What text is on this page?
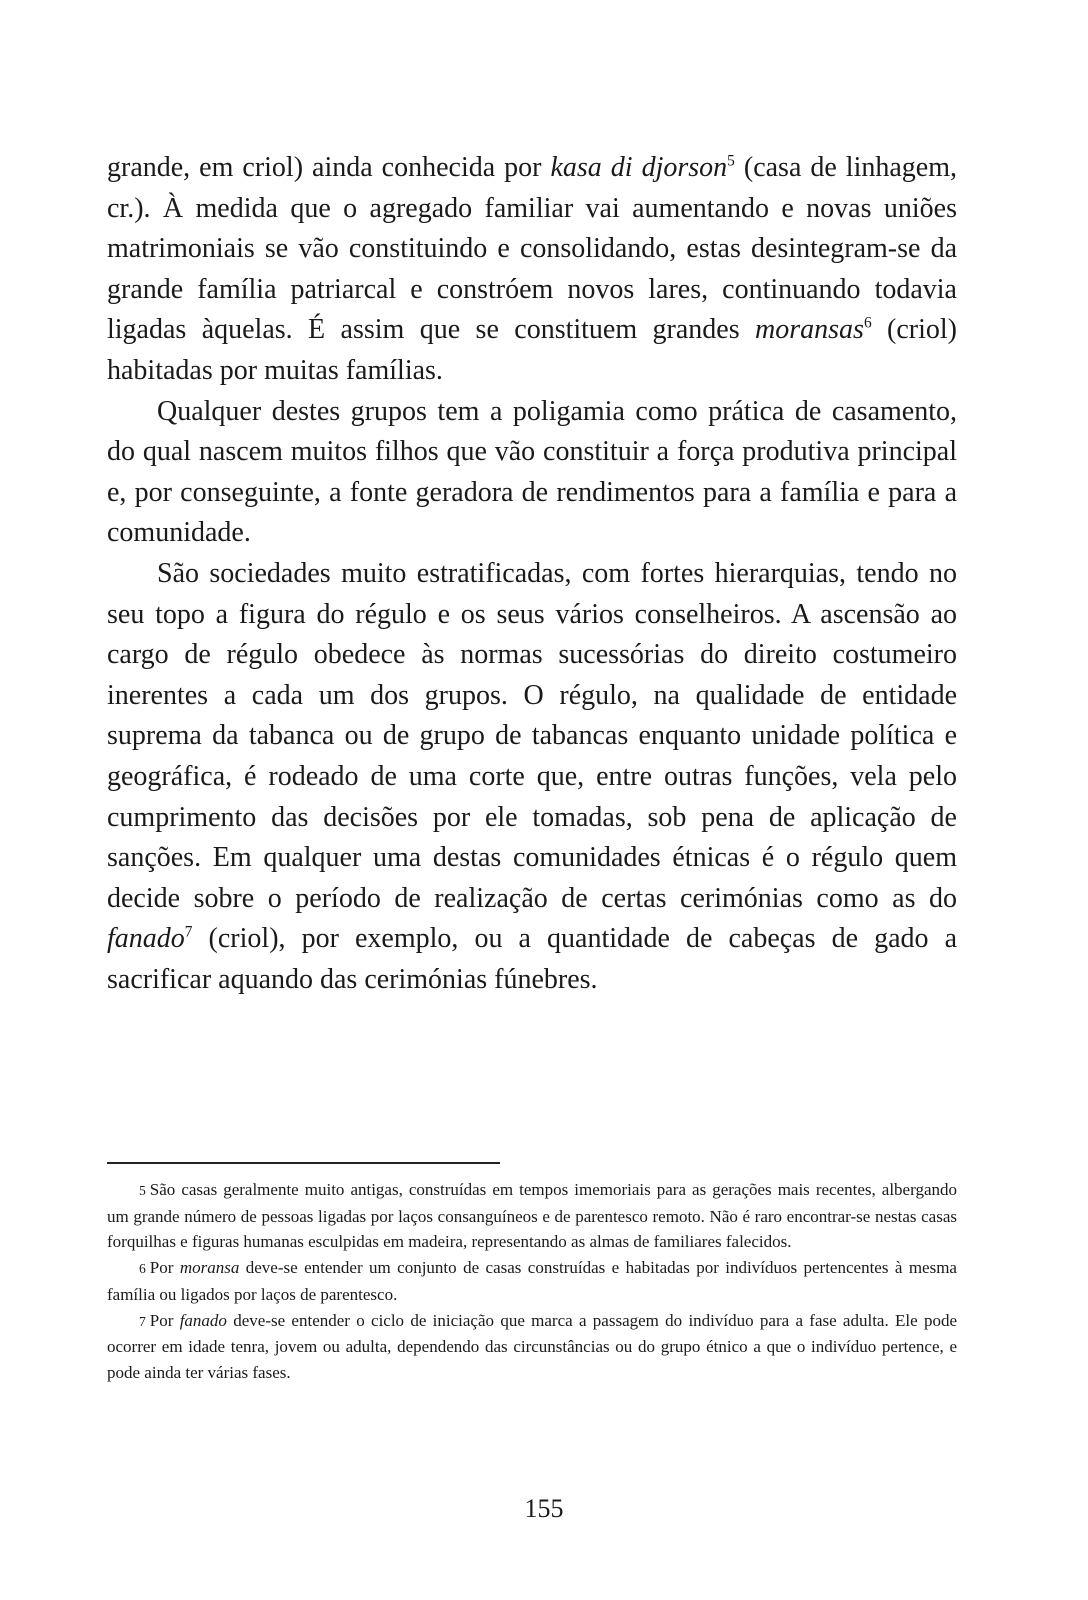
grande, em criol) ainda conhecida por kasa di djorson$^5$ (casa de linhagem, cr.). À medida que o agregado familiar vai aumentando e novas uniões matrimoniais se vão constituindo e consolidando, estas desintegram-se da grande família patriarcal e constróem novos lares, continuando todavia ligadas àquelas. É assim que se constituem grandes moransas$^6$ (criol) habitadas por muitas famílias.

Qualquer destes grupos tem a poligamia como prática de casamento, do qual nascem muitos filhos que vão constituir a força produtiva principal e, por conseguinte, a fonte geradora de rendimentos para a família e para a comunidade.

São sociedades muito estratificadas, com fortes hierarquias, tendo no seu topo a figura do régulo e os seus vários conselheiros. A ascensão ao cargo de régulo obedece às normas sucessórias do direito costumeiro inerentes a cada um dos grupos. O régulo, na qualidade de entidade suprema da tabanca ou de grupo de tabancas enquanto unidade política e geográfica, é rodeado de uma corte que, entre outras funções, vela pelo cumprimento das decisões por ele tomadas, sob pena de aplicação de sanções. Em qualquer uma destas comunidades étnicas é o régulo quem decide sobre o período de realização de certas cerimónias como as do fanado$^7$ (criol), por exemplo, ou a quantidade de cabeças de gado a sacrificar aquando das cerimónias fúnebres.

5 São casas geralmente muito antigas, construídas em tempos imemoriais para as gerações mais recentes, albergando um grande número de pessoas ligadas por laços consanguíneos e de parentesco remoto. Não é raro encontrar-se nestas casas forquilhas e figuras humanas esculpidas em madeira, representando as almas de familiares falecidos.

6 Por moransa deve-se entender um conjunto de casas construídas e habitadas por indivíduos pertencentes à mesma família ou ligados por laços de parentesco.

7 Por fanado deve-se entender o ciclo de iniciação que marca a passagem do indivíduo para a fase adulta. Ele pode ocorrer em idade tenra, jovem ou adulta, dependendo das circunstâncias ou do grupo étnico a que o indivíduo pertence, e pode ainda ter várias fases.

155
